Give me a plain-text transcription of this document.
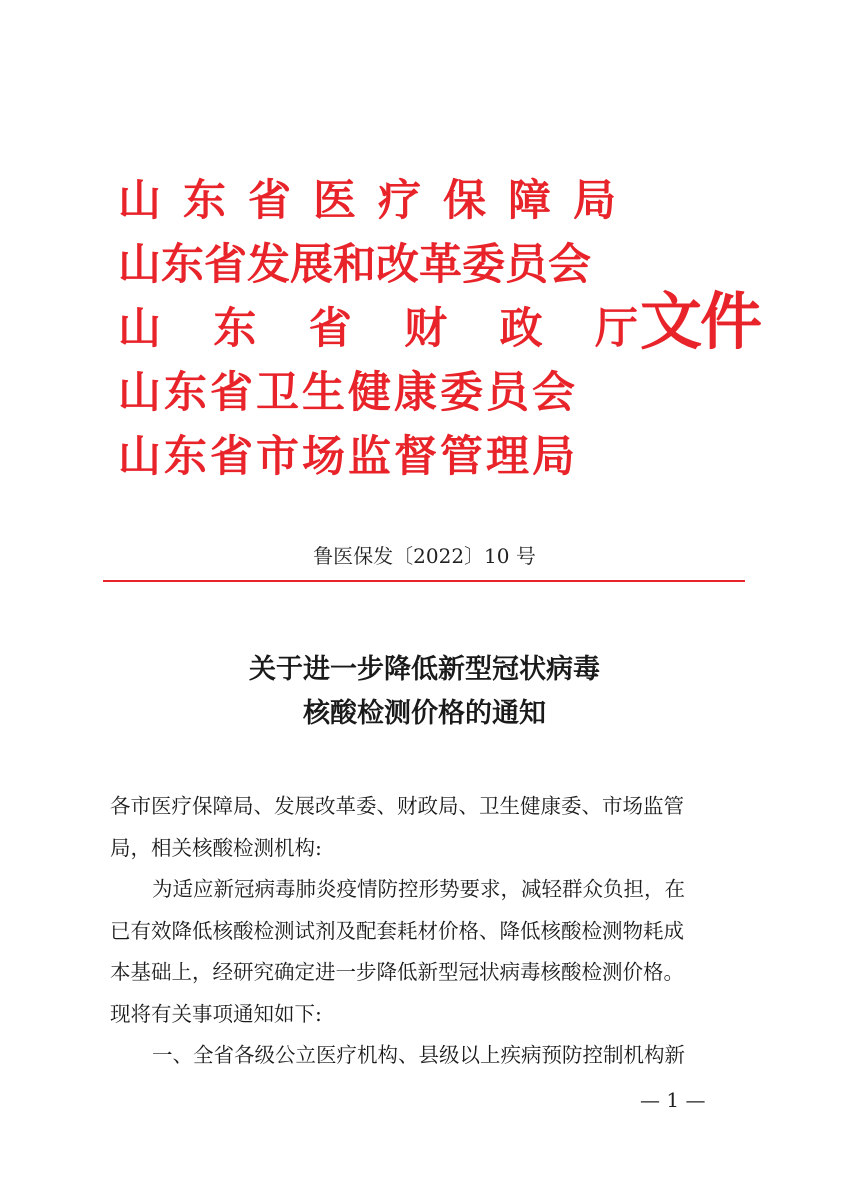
山东省医疗保障局
山东省发展和改革委员会
山 东 省 财 政 厅
山东省卫生健康委员会
山东省市场监督管理局
文件
鲁医保发〔2022〕10 号
关于进一步降低新型冠状病毒
核酸检测价格的通知
各市医疗保障局、发展改革委、财政局、卫生健康委、市场监管
局，相关核酸检测机构:
为适应新冠病毒肺炎疫情防控形势要求，减轻群众负担，在
已有效降低核酸检测试剂及配套耗材价格、降低核酸检测物耗成
本基础上，经研究确定进一步降低新型冠状病毒核酸检测价格。
现将有关事项通知如下:
一、全省各级公立医疗机构、县级以上疾病预防控制机构新
— 1 —
